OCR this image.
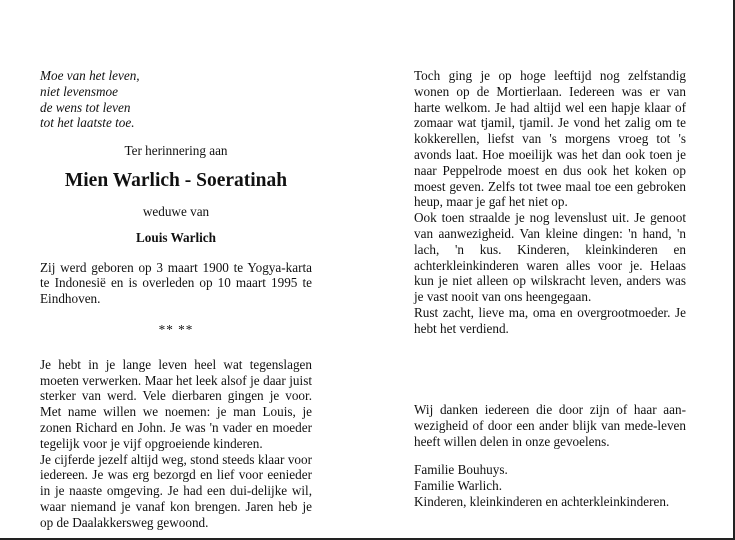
Moe van het leven,
niet levensmoe
de wens tot leven
tot het laatste toe.
Ter herinnering aan
Mien Warlich - Soeratinah
weduwe van
Louis Warlich
Zij werd geboren op 3 maart 1900 te Yogya-karta te Indonesië en is overleden op 10 maart 1995 te Eindhoven.
** **
Je hebt in je lange leven heel wat tegenslagen moeten verwerken. Maar het leek alsof je daar juist sterker van werd. Vele dierbaren gingen je voor. Met name willen we noemen: je man Louis, je zonen Richard en John. Je was 'n vader en moeder tegelijk voor je vijf opgroeiende kinderen.
Je cijferde jezelf altijd weg, stond steeds klaar voor iedereen. Je was erg bezorgd en lief voor eenieder in je naaste omgeving. Je had een dui-delijke wil, waar niemand je vanaf kon brengen. Jaren heb je op de Daalakkersweg gewoond.
Toch ging je op hoge leeftijd nog zelfstandig wonen op de Mortierlaan. Iedereen was er van harte welkom. Je had altijd wel een hapje klaar of zomaar wat tjamil, tjamil. Je vond het zalig om te kokkerellen, liefst van 's morgens vroeg tot 's avonds laat. Hoe moeilijk was het dan ook toen je naar Peppelrode moest en dus ook het koken op moest geven. Zelfs tot twee maal toe een gebroken heup, maar je gaf het niet op.
Ook toen straalde je nog levenslust uit. Je genoot van aanwezigheid. Van kleine dingen: 'n hand, 'n lach, 'n kus. Kinderen, kleinkinderen en achterkleinkinderen waren alles voor je. Helaas kun je niet alleen op wilskracht leven, anders was je vast nooit van ons heengegaan.
Rust zacht, lieve ma, oma en overgrootmoeder. Je hebt het verdiend.
Wij danken iedereen die door zijn of haar aan-wezigheid of door een ander blijk van mede-leven heeft willen delen in onze gevoelens.
Familie Bouhuys.
Familie Warlich.
Kinderen, kleinkinderen en achterkleinkinderen.
